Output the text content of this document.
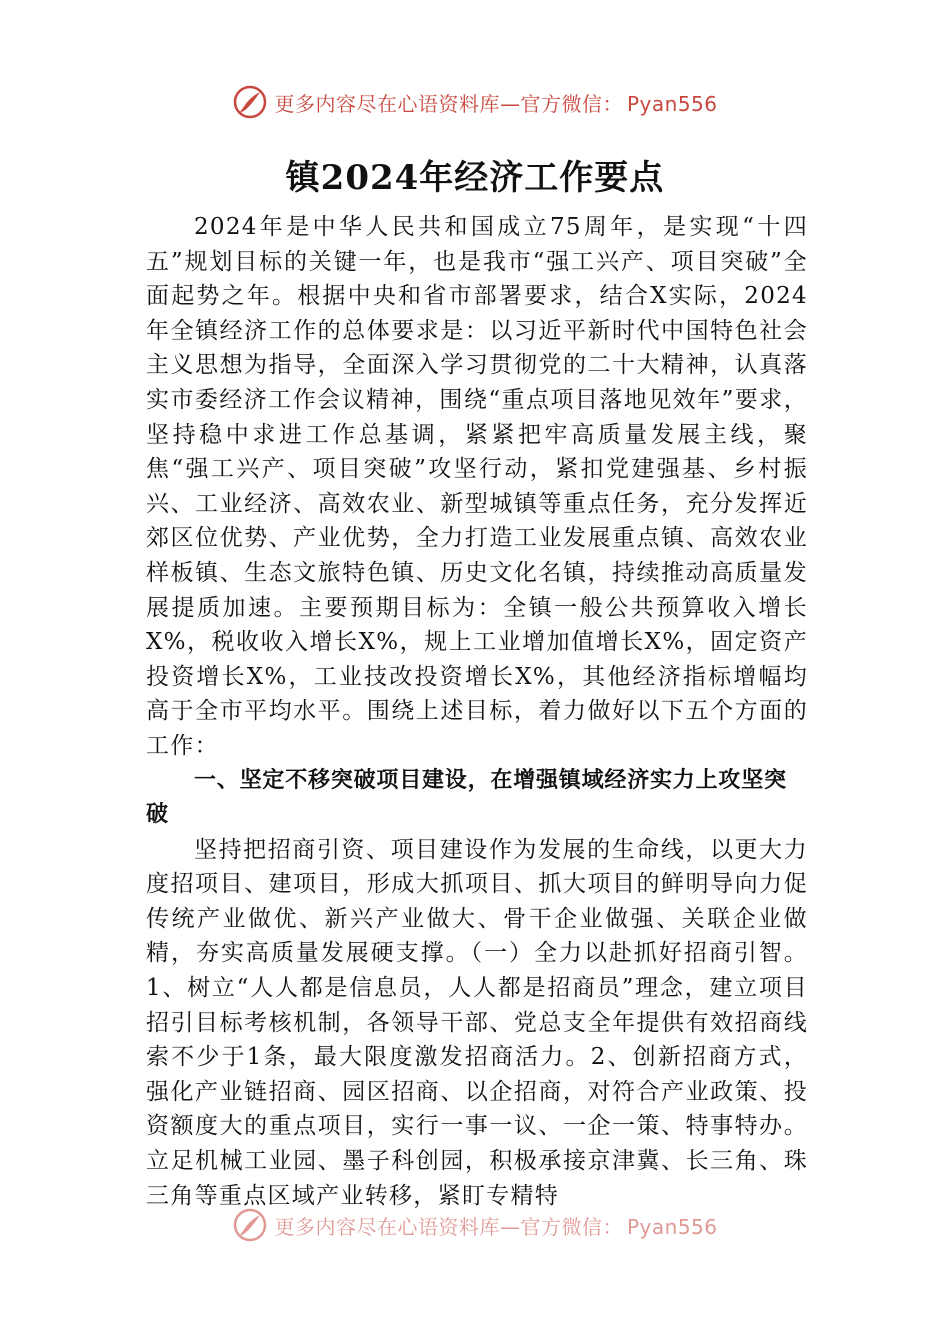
更多内容尽在心语资料库—官方微信： Pyan556
镇2024年经济工作要点

2024年是中华人民共和国成立75周年，是实现“十四五”规划目标的关键一年，也是我市“强工兴产、项目突破”全面起势之年。根据中央和省市部署要求，结合X实际，2024年全镇经济工作的总体要求是：以习近平新时代中国特色社会主义思想为指导，全面深入学习贯彻党的二十大精神，认真落实市委经济工作会议精神，围绕“重点项目落地见效年”要求，坚持稳中求进工作总基调，紧紧把牢高质量发展主线，聚焦“强工兴产、项目突破”攻坚行动，紧扣党建强基、乡村振兴、工业经济、高效农业、新型城镇等重点任务，充分发挥近郊区位优势、产业优势，全力打造工业发展重点镇、高效农业样板镇、生态文旅特色镇、历史文化名镇，持续推动高质量发展提质加速。主要预期目标为：全镇一般公共预算收入增长X%，税收收入增长X%，规上工业增加值增长X%，固定资产投资增长X%，工业技改投资增长X%，其他经济指标增幅均高于全市平均水平。围绕上述目标，着力做好以下五个方面的工作：

一、坚定不移突破项目建设，在增强镇域经济实力上攻坚突破

坚持把招商引资、项目建设作为发展的生命线，以更大力度招项目、建项目，形成大抓项目、抓大项目的鲜明导向力促传统产业做优、新兴产业做大、骨干企业做强、关联企业做精，夯实高质量发展硬支撑。（一）全力以赴抓好招商引智。1、树立“人人都是信息员，人人都是招商员”理念，建立项目招引目标考核机制，各领导干部、党总支全年提供有效招商线索不少于1条，最大限度激发招商活力。2、创新招商方式，强化产业链招商、园区招商、以企招商，对符合产业政策、投资额度大的重点项目，实行一事一议、一企一策、特事特办。立足机械工业园、墨子科创园，积极承接京津冀、长三角、珠三角等重点区域产业转移，紧盯专精特

更多内容尽在心语资料库—官方微信： Pyan556
